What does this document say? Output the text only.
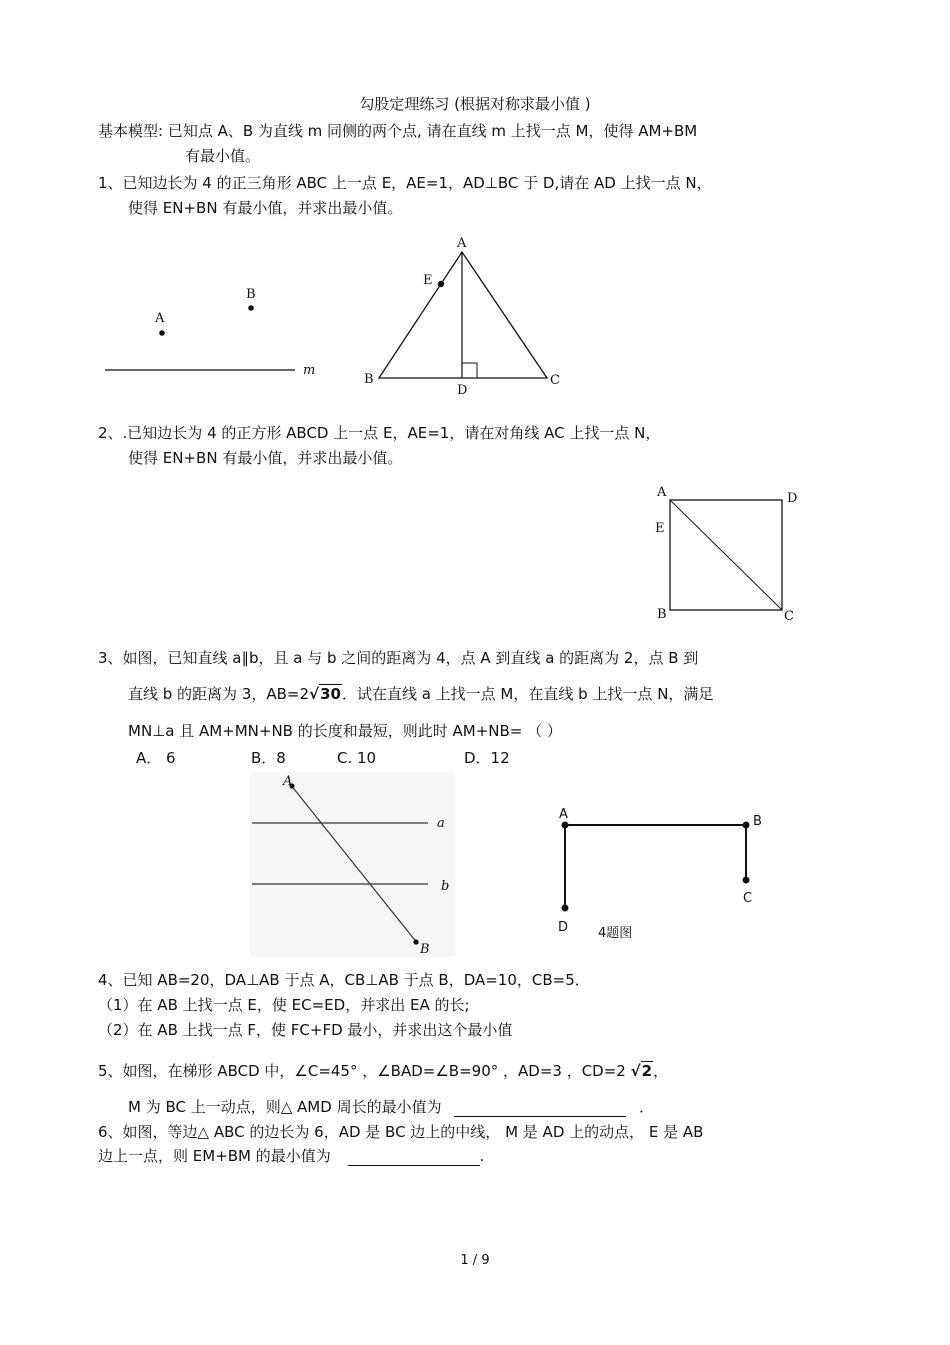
勾股定理练习 (根据对称求最小值 )
基本模型: 已知点 A、B 为直线 m 同侧的两个点, 请在直线 m 上找一点 M，使得 AM+BM
有最小值。
1、已知边长为 4 的正三角形 ABC 上一点 E，AE=1，AD⊥BC 于 D,请在 AD 上找一点 N，
使得 EN+BN 有最小值，并求出最小值。
A
B
m
A
B	C
D
E
2、.已知边长为 4 的正方形 ABCD 上一点 E，AE=1，请在对角线 AC 上找一点 N，
使得 EN+BN 有最小值，并求出最小值。
A	D
E
B	C
3、如图，已知直线 a∥b，且 a 与 b 之间的距离为 4，点 A 到直线 a 的距离为 2，点 B 到
直线 b 的距离为 3，AB=2√30．试在直线 a 上找一点 M，在直线 b 上找一点 N，满足
MN⊥a 且 AM+MN+NB 的长度和最短，则此时 AM+NB= （ ）
A． 6	B．8	C. 10	D．12
A
B
a
b
A	B
C
D 4题图
4、已知 AB=20，DA⊥AB 于点 A，CB⊥AB 于点 B，DA=10，CB=5．
（1）在 AB 上找一点 E，使 EC=ED，并求出 EA 的长;
（2）在 AB 上找一点 F，使 FC+FD 最小，并求出这个最小值
5、如图，在梯形 ABCD 中，∠C=45° ，∠BAD=∠B=90° ，AD=3 ，CD=2 √2，
M 为 BC 上一动点，则△ AMD 周长的最小值为	．
6、如图，等边△ ABC 的边长为 6，AD 是 BC 边上的中线， M 是 AD 上的动点， E 是 AB
边上一点，则 EM+BM 的最小值为	.
1 / 9
